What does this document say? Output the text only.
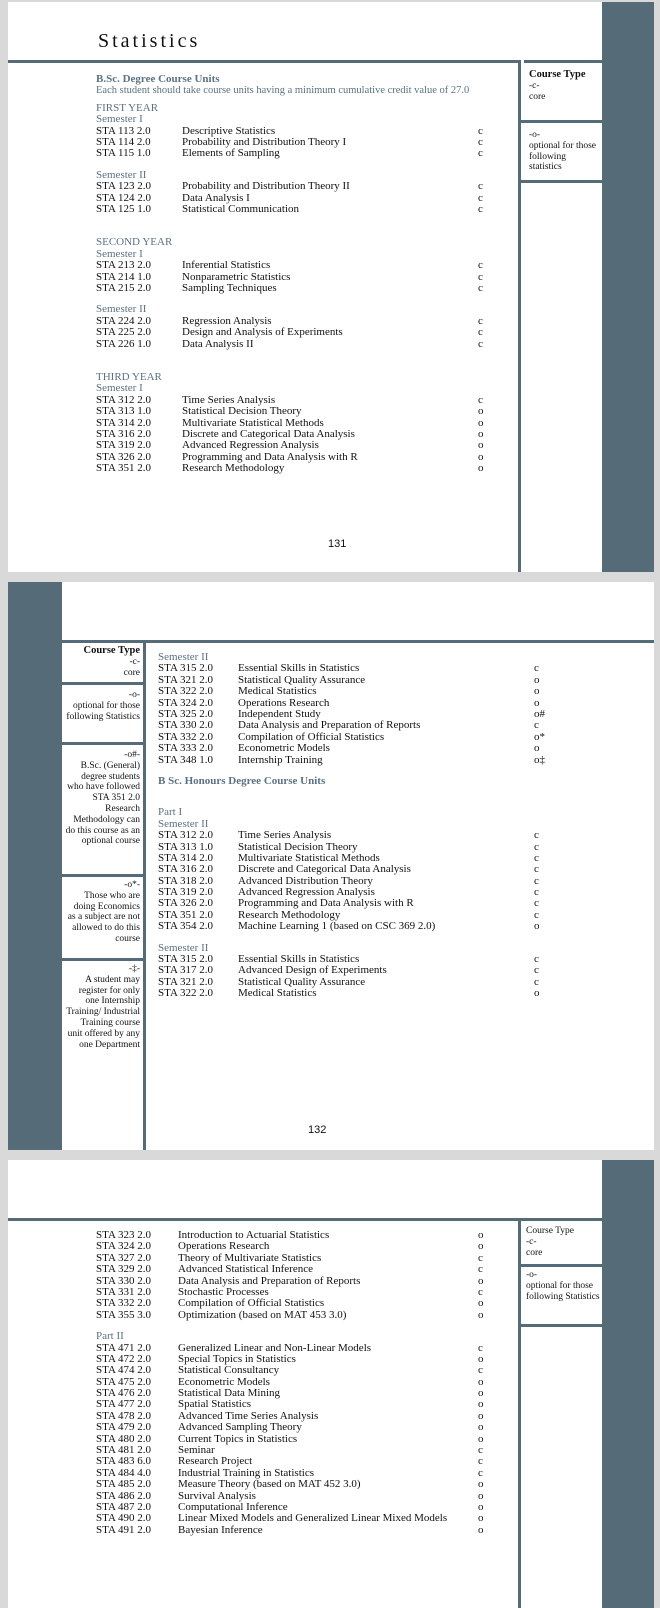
Statistics
Course Type
-c-
core
-o-
optional for those following statistics
B.Sc. Degree Course Units
Each student should take course units having a minimum cumulative credit value of 27.0
FIRST YEAR
Semester I
STA 113 2.0	Descriptive Statistics	c
STA 114 2.0	Probability and Distribution Theory I	c
STA 115 1.0	Elements of Sampling	c
Semester II
STA 123 2.0	Probability and Distribution Theory II	c
STA 124 2.0	Data Analysis I	c
STA 125 1.0	Statistical Communication	c
SECOND YEAR
Semester I
STA 213 2.0	Inferential Statistics	c
STA 214 1.0	Nonparametric Statistics	c
STA 215 2.0	Sampling Techniques	c
Semester II
STA 224 2.0	Regression Analysis	c
STA 225 2.0	Design and Analysis of Experiments	c
STA 226 1.0	Data Analysis II	c
THIRD YEAR
Semester I
STA 312 2.0	Time Series Analysis	c
STA 313 1.0	Statistical Decision Theory	o
STA 314 2.0	Multivariate Statistical Methods	o
STA 316 2.0	Discrete and Categorical Data Analysis	o
STA 319 2.0	Advanced Regression Analysis	o
STA 326 2.0	Programming and Data Analysis with R	o
STA 351 2.0	Research Methodology	o
131
Course Type
-c-
core
-o-
optional for those following Statistics
-o#-
B.Sc. (General) degree students who have followed STA 351 2.0 Research Methodology can do this course as an optional course
-o*-
Those who are doing Economics as a subject are not allowed to do this course
-‡-
A student may register for only one Internship Training/ Industrial Training course unit offered by any one Department
Semester II
STA 315 2.0 Essential Skills in Statistics	c
STA 321 2.0 Statistical Quality Assurance	o
STA 322 2.0 Medical Statistics	o
STA 324 2.0 Operations Research	o
STA 325 2.0 Independent Study	o#
STA 330 2.0 Data Analysis and Preparation of Reports	c
STA 332 2.0 Compilation of Official Statistics	o*
STA 333 2.0 Econometric Models	o
STA 348 1.0 Internship Training	o‡
B Sc. Honours Degree Course Units
Part I
Semester II
STA 312 2.0 Time Series Analysis	c
STA 313 1.0 Statistical Decision Theory	c
STA 314 2.0 Multivariate Statistical Methods	c
STA 316 2.0 Discrete and Categorical Data Analysis	c
STA 318 2.0 Advanced Distribution Theory	c
STA 319 2.0 Advanced Regression Analysis	c
STA 326 2.0 Programming and Data Analysis with R	c
STA 351 2.0 Research Methodology	c
STA 354 2.0 Machine Learning 1 (based on CSC 369 2.0)	o
Semester II
STA 315 2.0 Essential Skills in Statistics	c
STA 317 2.0 Advanced Design of Experiments	c
STA 321 2.0 Statistical Quality Assurance	c
STA 322 2.0 Medical Statistics	o
132
Course Type
-c-
core
-o-
optional for those following Statistics
STA 323 2.0 Introduction to Actuarial Statistics	o
STA 324 2.0 Operations Research	o
STA 327 2.0 Theory of Multivariate Statistics	c
STA 329 2.0 Advanced Statistical Inference	c
STA 330 2.0 Data Analysis and Preparation of Reports	o
STA 331 2.0 Stochastic Processes	c
STA 332 2.0 Compilation of Official Statistics	o
STA 355 3.0 Optimization (based on MAT 453 3.0)	o
Part II
STA 471 2.0 Generalized Linear and Non-Linear Models	c
STA 472 2.0 Special Topics in Statistics	o
STA 474 2.0 Statistical Consultancy	c
STA 475 2.0 Econometric Models	o
STA 476 2.0 Statistical Data Mining	o
STA 477 2.0 Spatial Statistics	o
STA 478 2.0 Advanced Time Series Analysis	o
STA 479 2.0 Advanced Sampling Theory	o
STA 480 2.0 Current Topics in Statistics	o
STA 481 2.0 Seminar	c
STA 483 6.0 Research Project	c
STA 484 4.0 Industrial Training in Statistics	c
STA 485 2.0 Measure Theory (based on MAT 452 3.0)	o
STA 486 2.0 Survival Analysis	o
STA 487 2.0 Computational Inference	o
STA 490 2.0 Linear Mixed Models and Generalized Linear Mixed Models	o
STA 491 2.0 Bayesian Inference	o
